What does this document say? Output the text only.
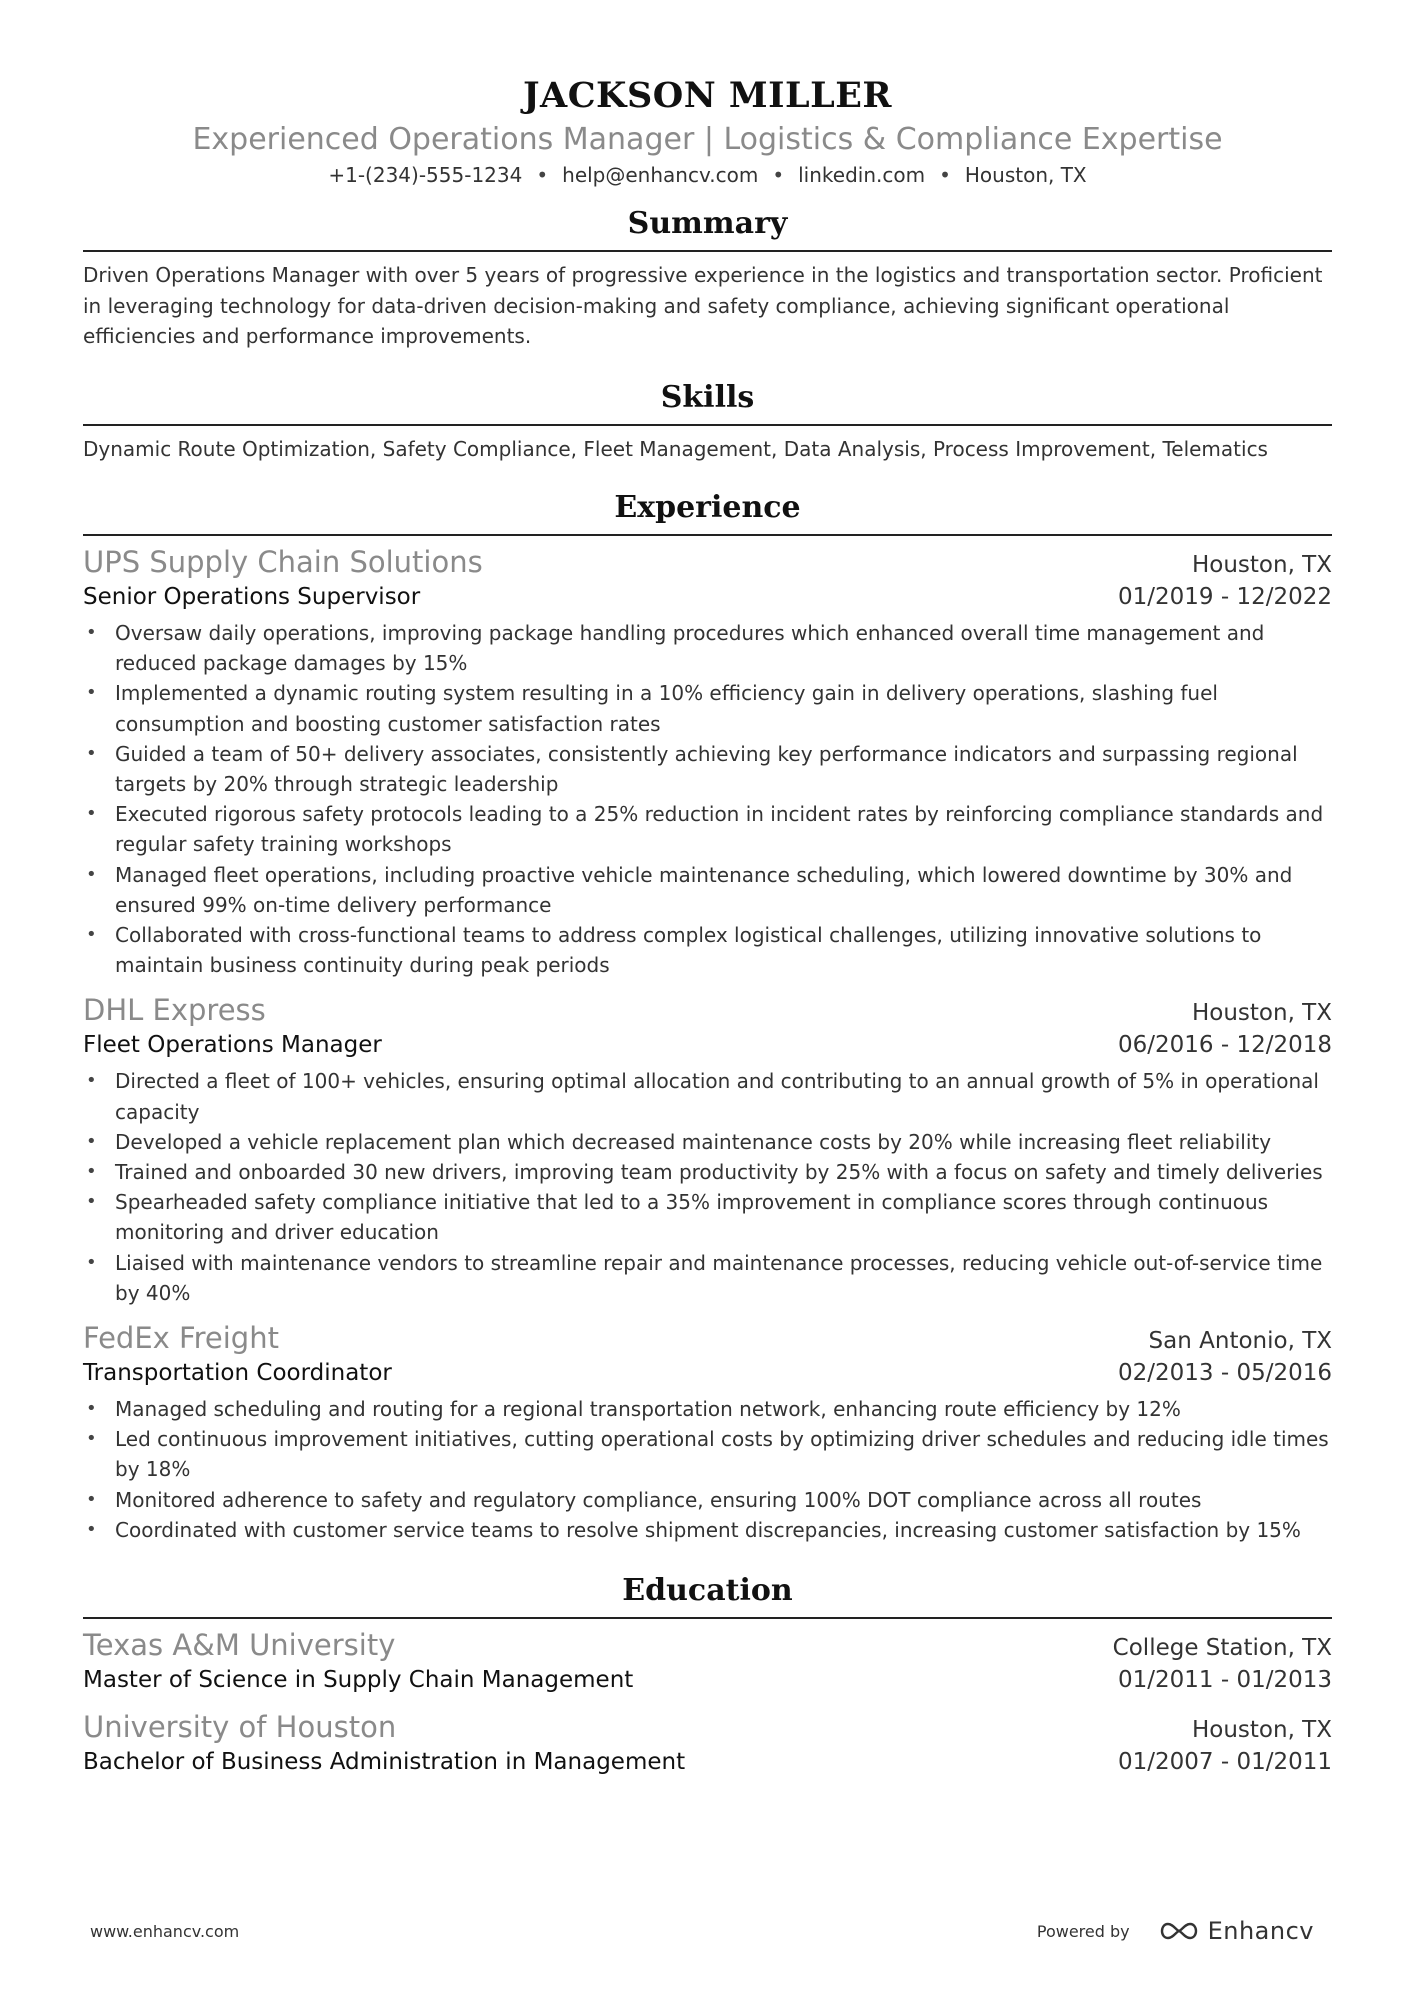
JACKSON MILLER
Experienced Operations Manager | Logistics & Compliance Expertise
+1-(234)-555-1234 • help@enhancv.com • linkedin.com • Houston, TX
Summary

Driven Operations Manager with over 5 years of progressive experience in the logistics and transportation sector. Proficient in leveraging technology for data-driven decision-making and safety compliance, achieving significant operational efficiencies and performance improvements.

Skills

Dynamic Route Optimization, Safety Compliance, Fleet Management, Data Analysis, Process Improvement, Telematics

Experience
UPS Supply Chain Solutions	Houston, TX
Senior Operations Supervisor	01/2019 - 12/2022
• Oversaw daily operations, improving package handling procedures which enhanced overall time management and reduced package damages by 15%
• Implemented a dynamic routing system resulting in a 10% efficiency gain in delivery operations, slashing fuel consumption and boosting customer satisfaction rates
• Guided a team of 50+ delivery associates, consistently achieving key performance indicators and surpassing regional targets by 20% through strategic leadership
• Executed rigorous safety protocols leading to a 25% reduction in incident rates by reinforcing compliance standards and regular safety training workshops
• Managed fleet operations, including proactive vehicle maintenance scheduling, which lowered downtime by 30% and ensured 99% on-time delivery performance
• Collaborated with cross-functional teams to address complex logistical challenges, utilizing innovative solutions to maintain business continuity during peak periods
DHL Express	Houston, TX
Fleet Operations Manager	06/2016 - 12/2018
• Directed a fleet of 100+ vehicles, ensuring optimal allocation and contributing to an annual growth of 5% in operational capacity
• Developed a vehicle replacement plan which decreased maintenance costs by 20% while increasing fleet reliability
• Trained and onboarded 30 new drivers, improving team productivity by 25% with a focus on safety and timely deliveries
• Spearheaded safety compliance initiative that led to a 35% improvement in compliance scores through continuous monitoring and driver education
• Liaised with maintenance vendors to streamline repair and maintenance processes, reducing vehicle out-of-service time by 40%
FedEx Freight	San Antonio, TX
Transportation Coordinator	02/2013 - 05/2016
• Managed scheduling and routing for a regional transportation network, enhancing route efficiency by 12%
• Led continuous improvement initiatives, cutting operational costs by optimizing driver schedules and reducing idle times by 18%
• Monitored adherence to safety and regulatory compliance, ensuring 100% DOT compliance across all routes
• Coordinated with customer service teams to resolve shipment discrepancies, increasing customer satisfaction by 15%
Education
Texas A&M University	College Station, TX
Master of Science in Supply Chain Management	01/2011 - 01/2013
University of Houston	Houston, TX
Bachelor of Business Administration in Management	01/2007 - 01/2011
www.enhancv.com	Powered by	Enhancv
